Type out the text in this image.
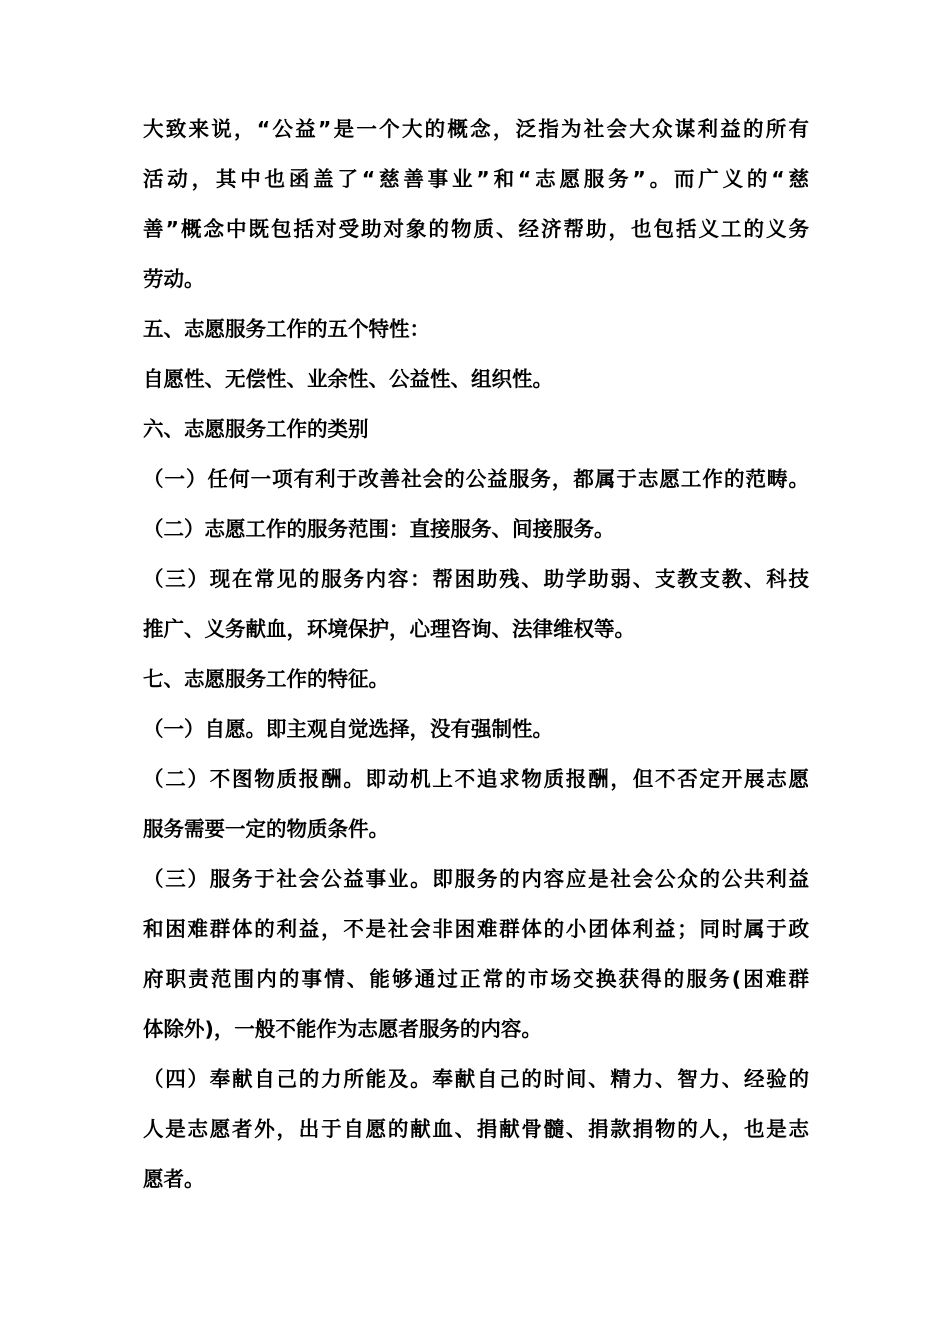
大致来说，“公益”是一个大的概念，泛指为社会大众谋利益的所有
活动，其中也函盖了“慈善事业”和“志愿服务”。而广义的“慈
善”概念中既包括对受助对象的物质、经济帮助，也包括义工的义务
劳动。
五、志愿服务工作的五个特性：
自愿性、无偿性、业余性、公益性、组织性。
六、志愿服务工作的类别
（一）任何一项有利于改善社会的公益服务，都属于志愿工作的范畴。
（二）志愿工作的服务范围：直接服务、间接服务。
（三）现在常见的服务内容：帮困助残、助学助弱、支教支教、科技
推广、义务献血，环境保护，心理咨询、法律维权等。
七、志愿服务工作的特征。
（一）自愿。即主观自觉选择，没有强制性。
（二）不图物质报酬。即动机上不追求物质报酬，但不否定开展志愿
服务需要一定的物质条件。
（三）服务于社会公益事业。即服务的内容应是社会公众的公共利益
和困难群体的利益，不是社会非困难群体的小团体利益；同时属于政
府职责范围内的事情、能够通过正常的市场交换获得的服务(困难群
体除外)，一般不能作为志愿者服务的内容。
（四）奉献自己的力所能及。奉献自己的时间、精力、智力、经验的
人是志愿者外，出于自愿的献血、捐献骨髓、捐款捐物的人，也是志
愿者。
